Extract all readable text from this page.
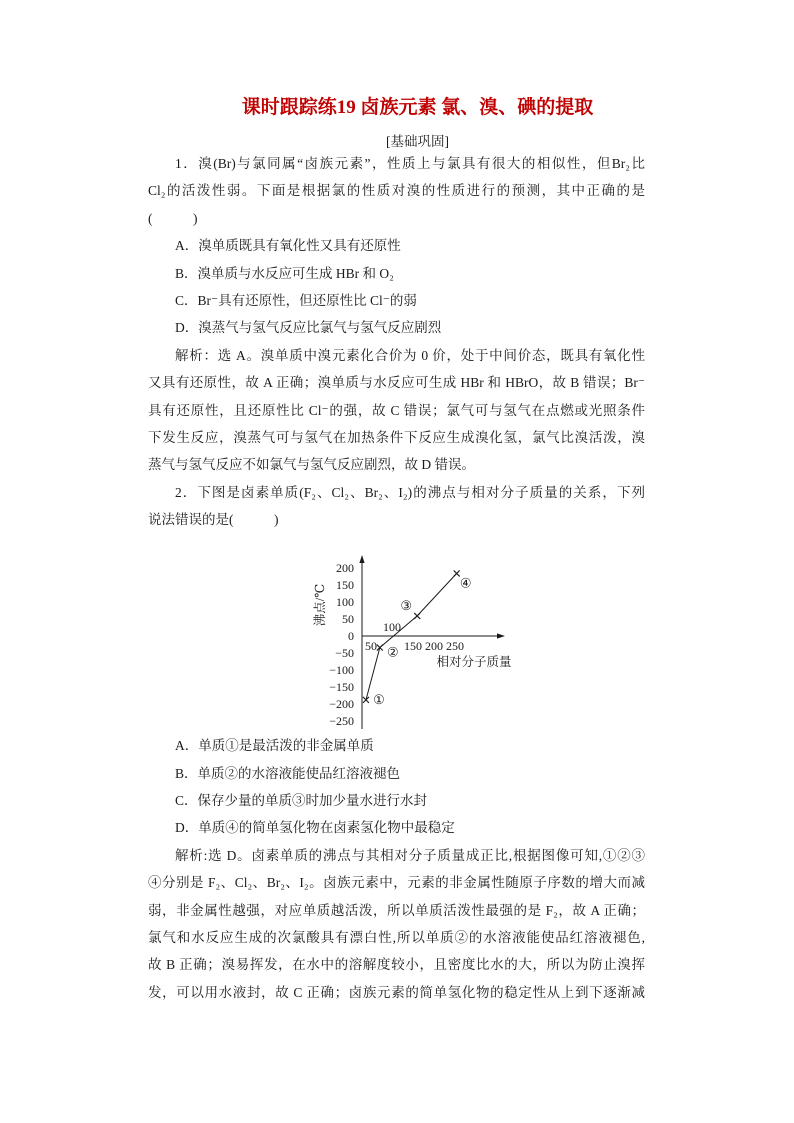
课时跟踪练19 卤族元素 氯、溴、碘的提取
[基础巩固]
1．溴(Br)与氯同属“卤族元素”，性质上与氯具有很大的相似性，但Br₂比
Cl₂的活泼性弱。下面是根据氯的性质对溴的性质进行的预测，其中正确的是
(　　　)
A．溴单质既具有氧化性又具有还原性
B．溴单质与水反应可生成 HBr 和 O₂
C．Br⁻具有还原性，但还原性比 Cl⁻的弱
D．溴蒸气与氢气反应比氯气与氢气反应剧烈
解析：选 A。溴单质中溴元素化合价为 0 价，处于中间价态，既具有氧化性
又具有还原性，故 A 正确；溴单质与水反应可生成 HBr 和 HBrO，故 B 错误；Br⁻
具有还原性，且还原性比 Cl⁻的强，故 C 错误；氯气可与氢气在点燃或光照条件
下发生反应，溴蒸气可与氢气在加热条件下反应生成溴化氢，氯气比溴活泼，溴
蒸气与氢气反应不如氯气与氢气反应剧烈，故 D 错误。
2．下图是卤素单质(F₂、Cl₂、Br₂、I₂)的沸点与相对分子质量的关系，下列
说法错误的是(　　　)
沸点/℃
相对分子质量
200
150
100
50
0
−50
−100
−150
−200
−250
50
100
150 200 250
①
②
③
④
A．单质①是最活泼的非金属单质
B．单质②的水溶液能使品红溶液褪色
C．保存少量的单质③时加少量水进行水封
D．单质④的简单氢化物在卤素氢化物中最稳定
解析:选 D。卤素单质的沸点与其相对分子质量成正比,根据图像可知,①②③
④分别是 F₂、Cl₂、Br₂、I₂。卤族元素中，元素的非金属性随原子序数的增大而减
弱，非金属性越强，对应单质越活泼，所以单质活泼性最强的是 F₂，故 A 正确；
氯气和水反应生成的次氯酸具有漂白性,所以单质②的水溶液能使品红溶液褪色,
故 B 正确；溴易挥发，在水中的溶解度较小，且密度比水的大，所以为防止溴挥
发，可以用水液封，故 C 正确；卤族元素的简单氢化物的稳定性从上到下逐渐减
